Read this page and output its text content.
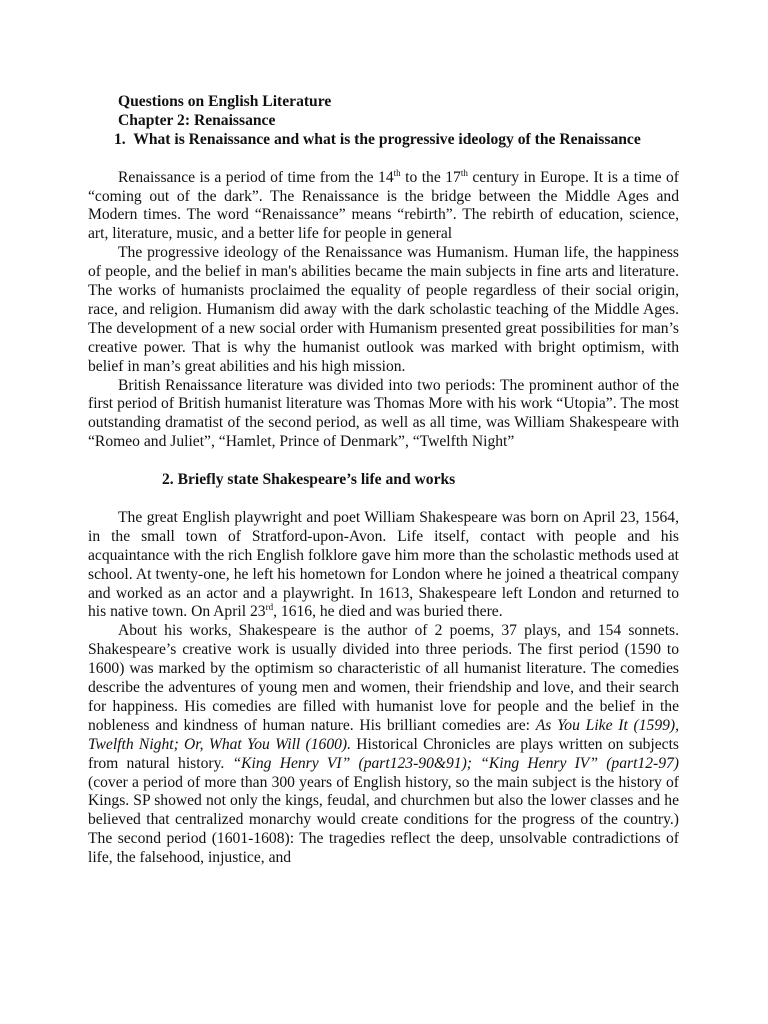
Questions on English Literature
Chapter 2: Renaissance
1. What is Renaissance and what is the progressive ideology of the Renaissance

Renaissance is a period of time from the 14th to the 17th century in Europe. It is a time of “coming out of the dark”. The Renaissance is the bridge between the Middle Ages and Modern times. The word “Renaissance” means “rebirth”. The rebirth of education, science, art, literature, music, and a better life for people in general

The progressive ideology of the Renaissance was Humanism. Human life, the happiness of people, and the belief in man's abilities became the main subjects in fine arts and literature. The works of humanists proclaimed the equality of people regardless of their social origin, race, and religion. Humanism did away with the dark scholastic teaching of the Middle Ages. The development of a new social order with Humanism presented great possibilities for man’s creative power. That is why the humanist outlook was marked with bright optimism, with belief in man’s great abilities and his high mission.

British Renaissance literature was divided into two periods: The prominent author of the first period of British humanist literature was Thomas More with his work “Utopia”. The most outstanding dramatist of the second period, as well as all time, was William Shakespeare with “Romeo and Juliet”, “Hamlet, Prince of Denmark”, “Twelfth Night”

2. Briefly state Shakespeare’s life and works

The great English playwright and poet William Shakespeare was born on April 23, 1564, in the small town of Stratford-upon-Avon. Life itself, contact with people and his acquaintance with the rich English folklore gave him more than the scholastic methods used at school. At twenty-one, he left his hometown for London where he joined a theatrical company and worked as an actor and a playwright. In 1613, Shakespeare left London and returned to his native town. On April 23rd, 1616, he died and was buried there.

About his works, Shakespeare is the author of 2 poems, 37 plays, and 154 sonnets. Shakespeare’s creative work is usually divided into three periods. The first period (1590 to 1600) was marked by the optimism so characteristic of all humanist literature. The comedies describe the adventures of young men and women, their friendship and love, and their search for happiness. His comedies are filled with humanist love for people and the belief in the nobleness and kindness of human nature. His brilliant comedies are: As You Like It (1599), Twelfth Night; Or, What You Will (1600). Historical Chronicles are plays written on subjects from natural history. “King Henry VI” (part123-90&91); “King Henry IV” (part12-97) (cover a period of more than 300 years of English history, so the main subject is the history of Kings. SP showed not only the kings, feudal, and churchmen but also the lower classes and he believed that centralized monarchy would create conditions for the progress of the country.) The second period (1601-1608): The tragedies reflect the deep, unsolvable contradictions of life, the falsehood, injustice, and
